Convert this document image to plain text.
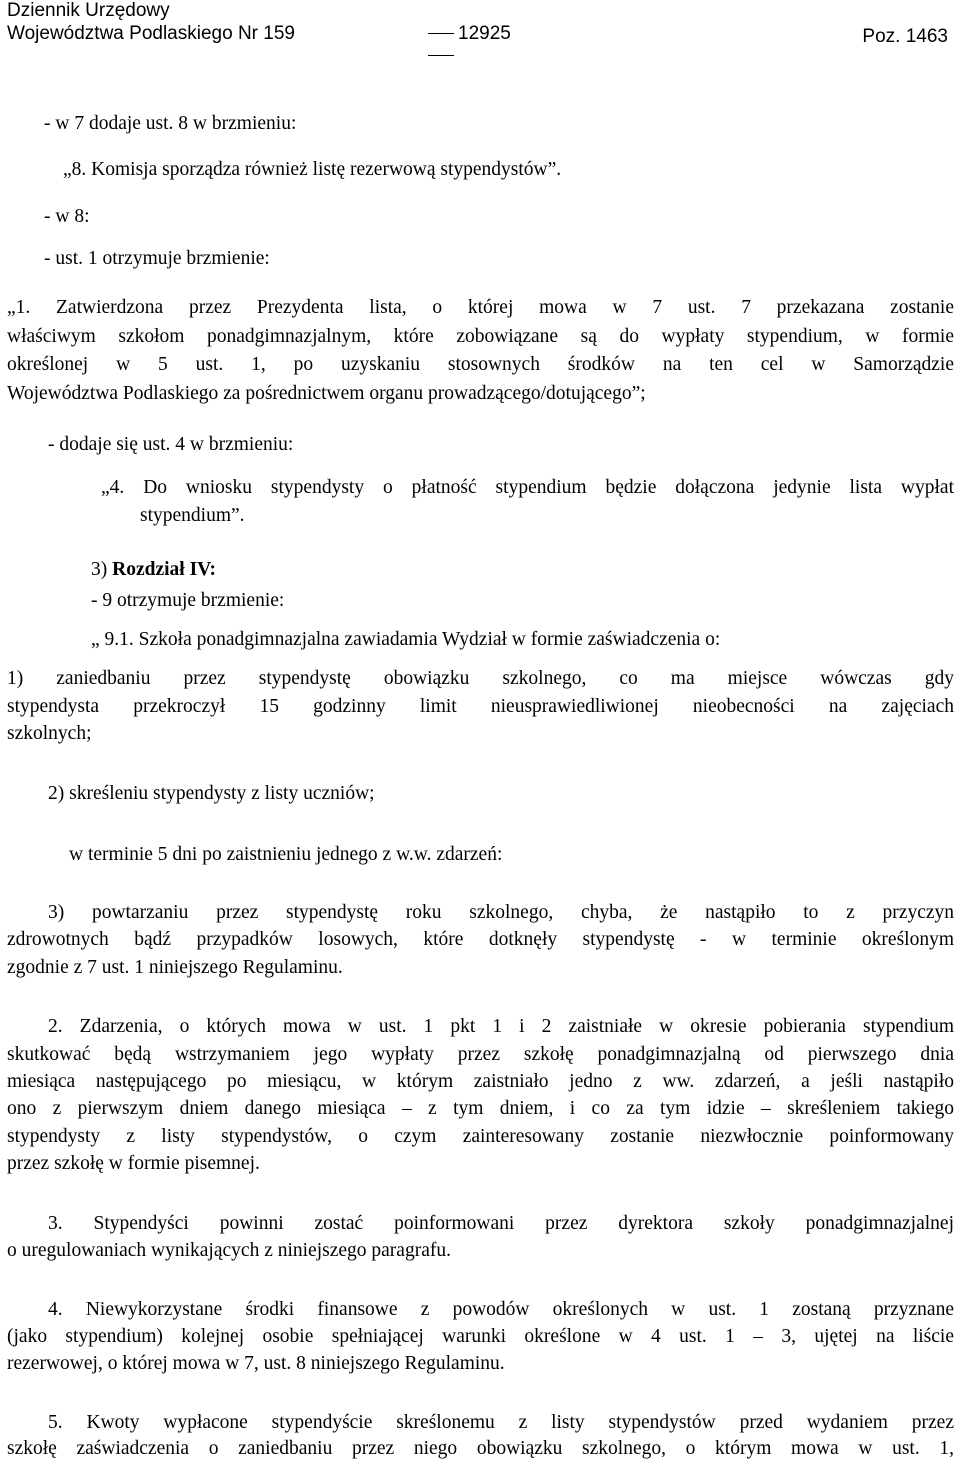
Dziennik Urzędowy
Województwa Podlaskiego Nr 159	12925	Poz. 1463
- w 7 dodaje ust. 8 w brzmieniu:
„8. Komisja sporządza również listę rezerwową stypendystów”.
- w 8:
- ust. 1 otrzymuje brzmienie:
„1. Zatwierdzona przez Prezydenta lista, o której mowa w 7 ust. 7 przekazana zostanie
właściwym szkołom ponadgimnazjalnym, które zobowiązane są do wypłaty stypendium, w formie
określonej w 5 ust. 1, po uzyskaniu stosownych środków na ten cel w Samorządzie
Województwa Podlaskiego za pośrednictwem organu prowadzącego/dotującego”;
- dodaje się ust. 4 w brzmieniu:
„4. Do wniosku stypendysty o płatność stypendium będzie dołączona jedynie lista wypłat
stypendium”.
3) Rozdział IV:
- 9 otrzymuje brzmienie:
„ 9.1. Szkoła ponadgimnazjalna zawiadamia Wydział w formie zaświadczenia o:
1) zaniedbaniu przez stypendystę obowiązku szkolnego, co ma miejsce wówczas gdy
stypendysta przekroczył 15 godzinny limit nieusprawiedliwionej nieobecności na zajęciach
szkolnych;
2) skreśleniu stypendysty z listy uczniów;
w terminie 5 dni po zaistnieniu jednego z w.w. zdarzeń:
3) powtarzaniu przez stypendystę roku szkolnego, chyba, że nastąpiło to z przyczyn
zdrowotnych bądź przypadków losowych, które dotknęły stypendystę - w terminie określonym
zgodnie z 7 ust. 1 niniejszego Regulaminu.
2. Zdarzenia, o których mowa w ust. 1 pkt 1 i 2 zaistniałe w okresie pobierania stypendium
skutkować będą wstrzymaniem jego wypłaty przez szkołę ponadgimnazjalną od pierwszego dnia
miesiąca następującego po miesiącu, w którym zaistniało jedno z ww. zdarzeń, a jeśli nastąpiło
ono z pierwszym dniem danego miesiąca – z tym dniem, i co za tym idzie – skreśleniem takiego
stypendysty z listy stypendystów, o czym zainteresowany zostanie niezwłocznie poinformowany
przez szkołę w formie pisemnej.
3. Stypendyści powinni zostać poinformowani przez dyrektora szkoły ponadgimnazjalnej
o uregulowaniach wynikających z niniejszego paragrafu.
4. Niewykorzystane środki finansowe z powodów określonych w ust. 1 zostaną przyznane
(jako stypendium) kolejnej osobie spełniającej warunki określone w 4 ust. 1 – 3, ujętej na liście
rezerwowej, o której mowa w 7, ust. 8 niniejszego Regulaminu.
5. Kwoty wypłacone stypendyście skreślonemu z listy stypendystów przed wydaniem przez
szkołę zaświadczenia o zaniedbaniu przez niego obowiązku szkolnego, o którym mowa w ust. 1,
